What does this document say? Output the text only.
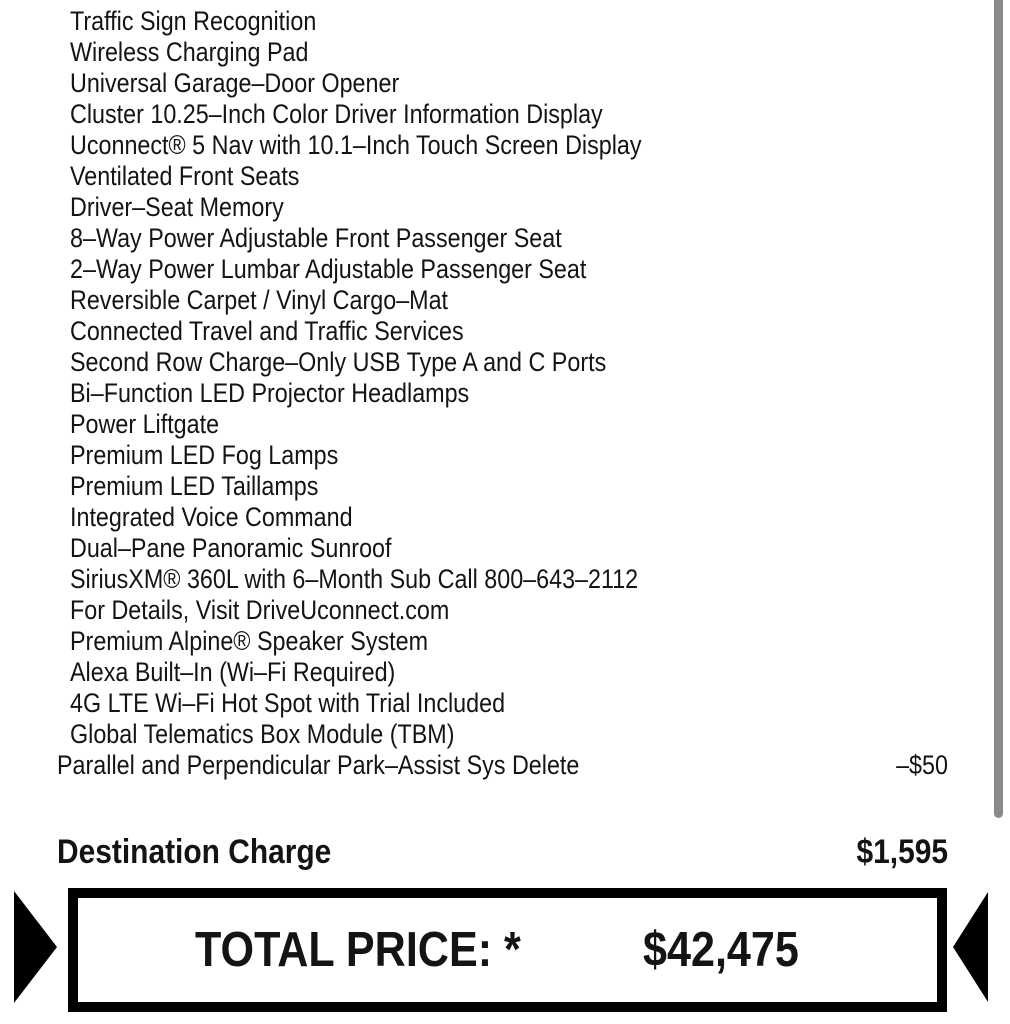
Traffic Sign Recognition
Wireless Charging Pad
Universal Garage–Door Opener
Cluster 10.25–Inch Color Driver Information Display
Uconnect® 5 Nav with 10.1–Inch Touch Screen Display
Ventilated Front Seats
Driver–Seat Memory
8–Way Power Adjustable Front Passenger Seat
2–Way Power Lumbar Adjustable Passenger Seat
Reversible Carpet / Vinyl Cargo–Mat
Connected Travel and Traffic Services
Second Row Charge–Only USB Type A and C Ports
Bi–Function LED Projector Headlamps
Power Liftgate
Premium LED Fog Lamps
Premium LED Taillamps
Integrated Voice Command
Dual–Pane Panoramic Sunroof
SiriusXM® 360L with 6–Month Sub Call 800–643–2112
For Details, Visit DriveUconnect.com
Premium Alpine® Speaker System
Alexa Built–In (Wi–Fi Required)
4G LTE Wi–Fi Hot Spot with Trial Included
Global Telematics Box Module (TBM)
Parallel and Perpendicular Park–Assist Sys Delete	–$50
Destination Charge	$1,595
TOTAL PRICE: * $42,475
